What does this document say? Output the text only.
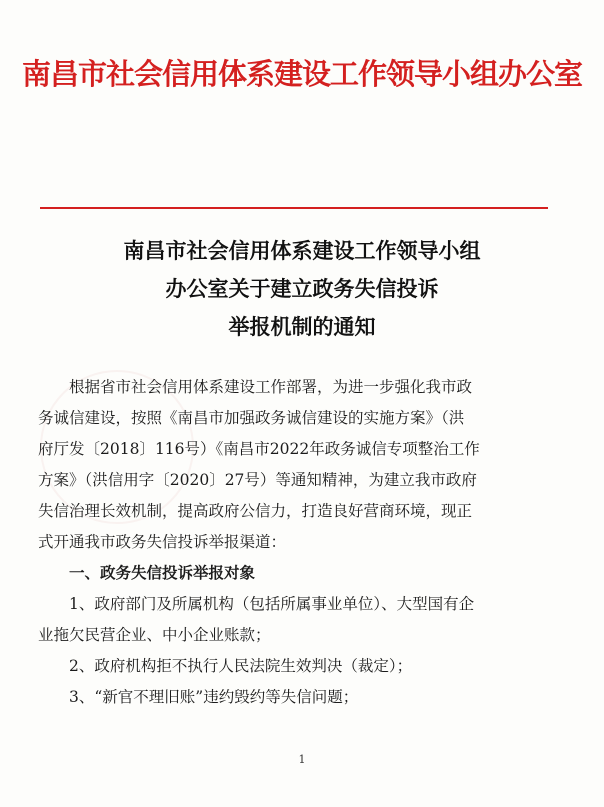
南昌市社会信用体系建设工作领导小组办公室
南昌市社会信用体系建设工作领导小组
办公室关于建立政务失信投诉
举报机制的通知
根据省市社会信用体系建设工作部署，为进一步强化我市政
务诚信建设，按照《南昌市加强政务诚信建设的实施方案》（洪
府厅发〔2018〕116号）《南昌市2022年政务诚信专项整治工作
方案》（洪信用字〔2020〕27号）等通知精神，为建立我市政府
失信治理长效机制，提高政府公信力，打造良好营商环境，现正
式开通我市政务失信投诉举报渠道：
一、政务失信投诉举报对象
1、政府部门及所属机构（包括所属事业单位）、大型国有企
业拖欠民营企业、中小企业账款；
2、政府机构拒不执行人民法院生效判决（裁定）；
3、“新官不理旧账”违约毁约等失信问题；
1
